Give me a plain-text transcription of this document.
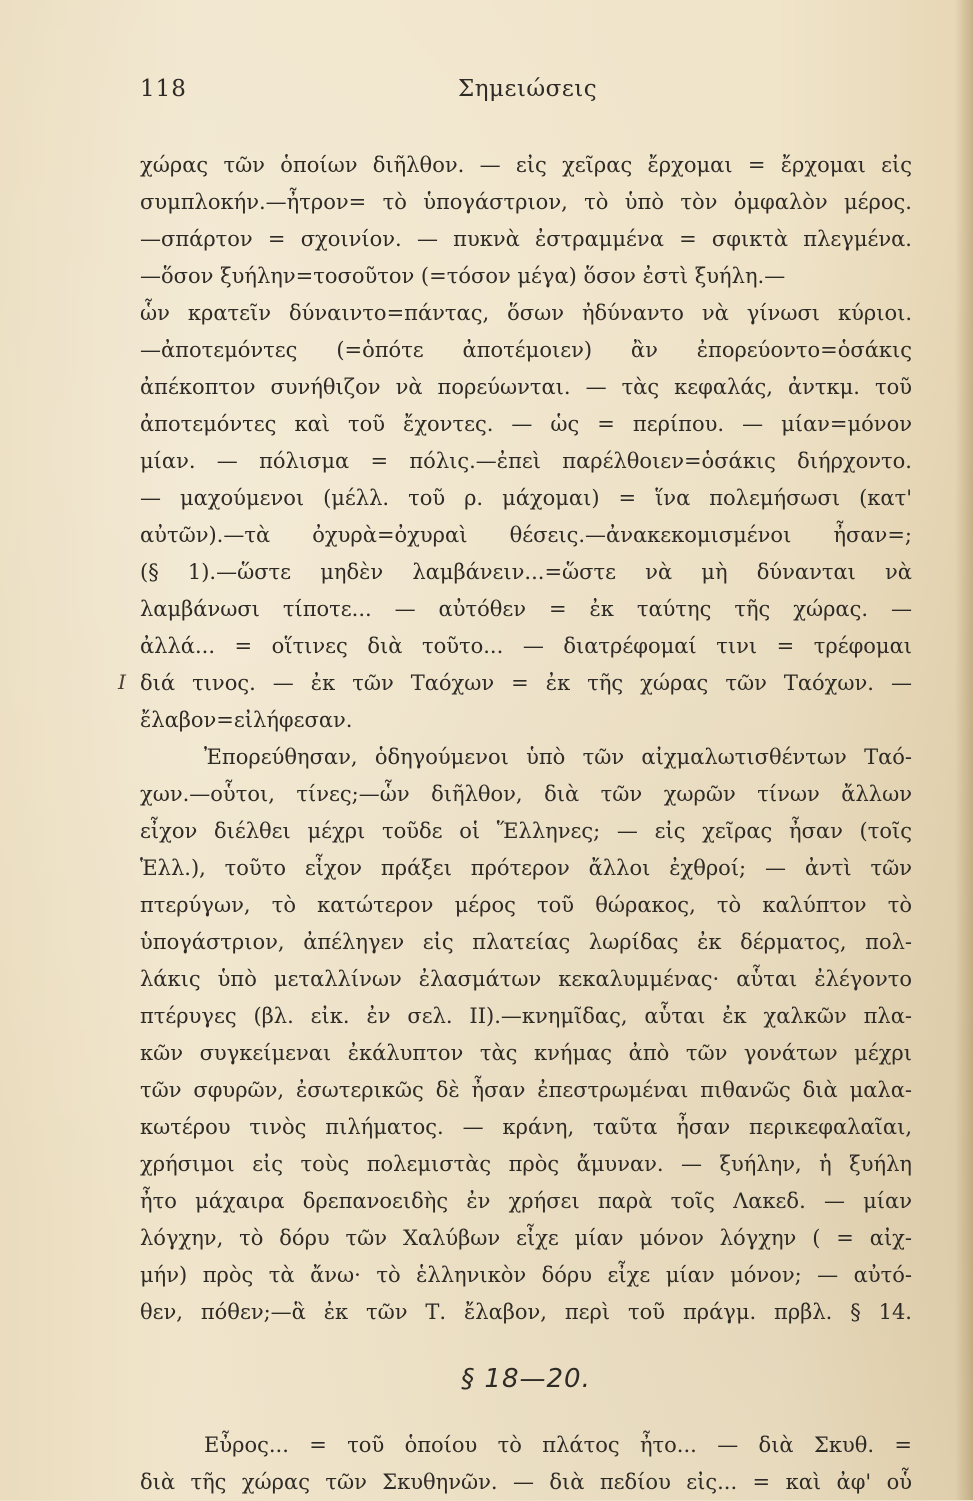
118	Σημειώσεις
I
χώρας τῶν ὁποίων διῆλθον. — εἰς χεῖρας ἔρχομαι = ἔρχομαι εἰς
συμπλοκήν.—ἦτρον= τὸ ὑπογάστριον, τὸ ὑπὸ τὸν ὀμφαλὸν μέρος.
—σπάρτον = σχοινίον. — πυκνὰ ἐστραμμένα = σφικτὰ πλεγμένα.
—ὅσον ξυήλην=τοσοῦτον (=τόσον μέγα) ὅσον ἐστὶ ξυήλη.—
ὧν κρατεῖν δύναιντο=πάντας, ὅσων ἠδύναντο νὰ γίνωσι κύριοι.
—ἀποτεμόντες (=ὁπότε ἀποτέμοιεν) ἂν ἐπορεύοντο=ὁσάκις
ἀπέκοπτον συνήθιζον νὰ πορεύωνται. — τὰς κεφαλάς, ἀντκμ. τοῦ
ἀποτεμόντες καὶ τοῦ ἔχοντες. — ὡς = περίπου. — μίαν=μόνον
μίαν. — πόλισμα = πόλις.—ἐπεὶ παρέλθοιεν=ὁσάκις διήρχοντο.
— μαχούμενοι (μέλλ. τοῦ ρ. μάχομαι) = ἵνα πολεμήσωσι (κατ'
αὐτῶν).—τὰ ὀχυρὰ=ὀχυραὶ θέσεις.—ἀνακεκομισμένοι ἦσαν=;
(§ 1).—ὥστε μηδὲν λαμβάνειν...=ὥστε νὰ μὴ δύνανται νὰ
λαμβάνωσι τίποτε... — αὐτόθεν = ἐκ ταύτης τῆς χώρας. —
ἀλλά... = οἵτινες διὰ τοῦτο... — διατρέφομαί τινι = τρέφομαι
διά τινος. — ἐκ τῶν Ταόχων = ἐκ τῆς χώρας τῶν Ταόχων. —
ἔλαβον=εἰλήφεσαν.
Ἐπορεύθησαν, ὁδηγούμενοι ὑπὸ τῶν αἰχμαλωτισθέντων Ταό-
χων.—οὗτοι, τίνες;—ὧν διῆλθον, διὰ τῶν χωρῶν τίνων ἄλλων
εἶχον διέλθει μέχρι τοῦδε οἱ Ἕλληνες; — εἰς χεῖρας ἦσαν (τοῖς
Ἑλλ.), τοῦτο εἶχον πράξει πρότερον ἄλλοι ἐχθροί; — ἀντὶ τῶν
πτερύγων, τὸ κατώτερον μέρος τοῦ θώρακος, τὸ καλύπτον τὸ
ὑπογάστριον, ἀπέληγεν εἰς πλατείας λωρίδας ἐκ δέρματος, πολ-
λάκις ὑπὸ μεταλλίνων ἐλασμάτων κεκαλυμμένας· αὗται ἐλέγοντο
πτέρυγες (βλ. εἰκ. ἐν σελ. II).—κνημῖδας, αὗται ἐκ χαλκῶν πλα-
κῶν συγκείμεναι ἐκάλυπτον τὰς κνήμας ἀπὸ τῶν γονάτων μέχρι
τῶν σφυρῶν, ἐσωτερικῶς δὲ ἦσαν ἐπεστρωμέναι πιθανῶς διὰ μαλα-
κωτέρου τινὸς πιλήματος. — κράνη, ταῦτα ἦσαν περικεφαλαῖαι,
χρήσιμοι εἰς τοὺς πολεμιστὰς πρὸς ἄμυναν. — ξυήλην, ἡ ξυήλη
ἦτο μάχαιρα δρεπανοειδὴς ἐν χρήσει παρὰ τοῖς Λακεδ. — μίαν
λόγχην, τὸ δόρυ τῶν Χαλύβων εἶχε μίαν μόνον λόγχην ( = αἰχ-
μήν) πρὸς τὰ ἄνω· τὸ ἑλληνικὸν δόρυ εἶχε μίαν μόνον; — αὐτό-
θεν, πόθεν;—ἃ ἐκ τῶν Τ. ἔλαβον, περὶ τοῦ πράγμ. πρβλ. § 14.
§ 18—20.
Εὖρος... = τοῦ ὁποίου τὸ πλάτος ἦτο... — διὰ Σκυθ. =
διὰ τῆς χώρας τῶν Σκυθηνῶν. — διὰ πεδίου εἰς... = καὶ ἀφ' οὗ
